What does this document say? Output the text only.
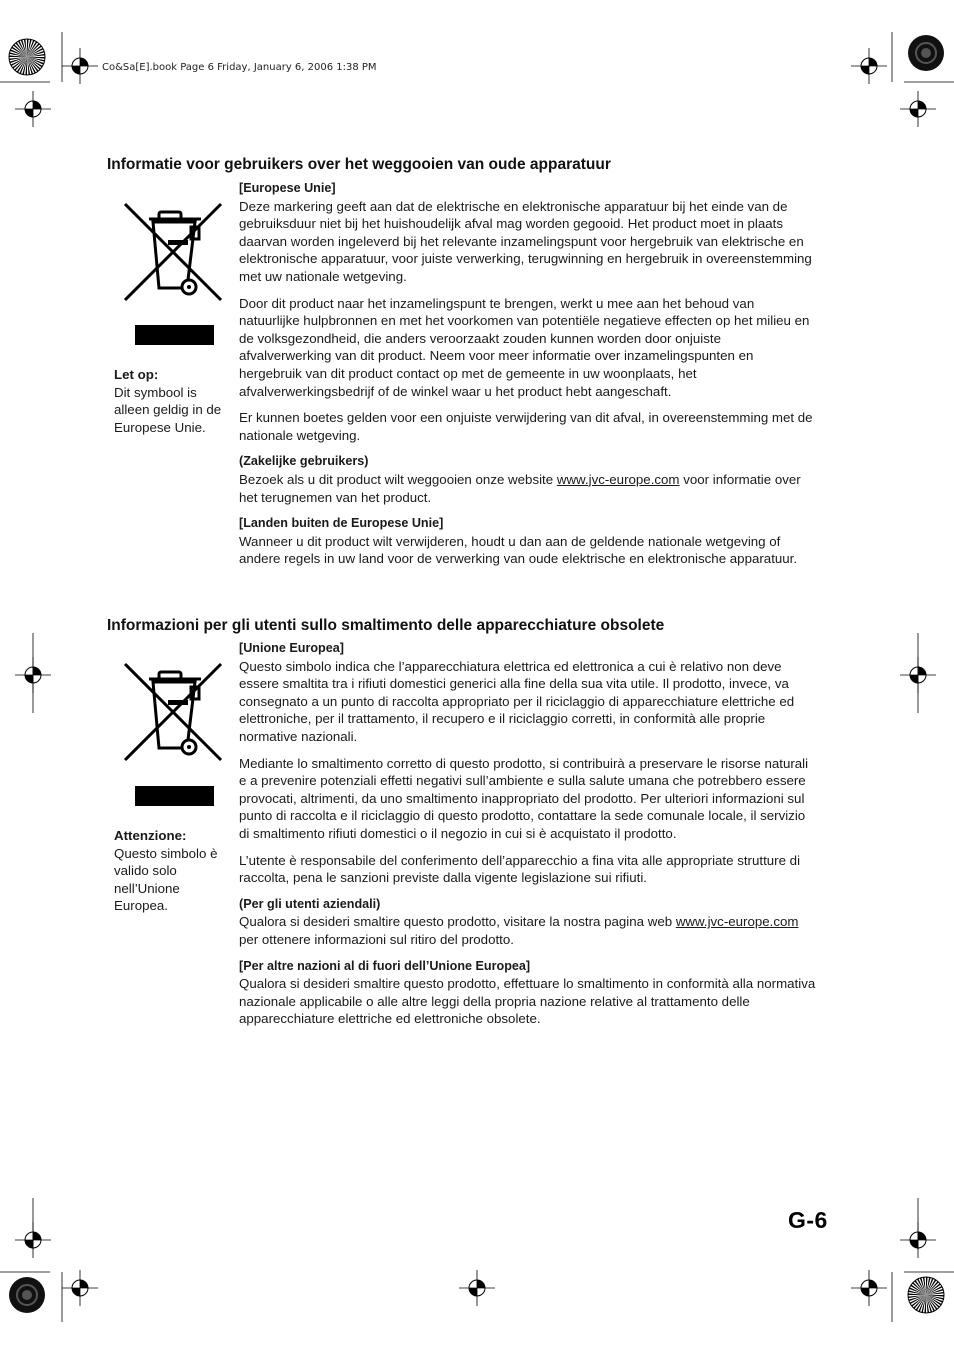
Co&Sa[E].book Page 6 Friday, January 6, 2006 1:38 PM
Informatie voor gebruikers over het weggooien van oude apparatuur
Let op:
Dit symbool is alleen geldig in de Europese Unie.
[Europese Unie]
Deze markering geeft aan dat de elektrische en elektronische apparatuur bij het einde van de gebruiksduur niet bij het huishoudelijk afval mag worden gegooid. Het product moet in plaats daarvan worden ingeleverd bij het relevante inzamelingspunt voor hergebruik van elektrische en elektronische apparatuur, voor juiste verwerking, terugwinning en hergebruik in overeenstemming met uw nationale wetgeving.
Door dit product naar het inzamelingspunt te brengen, werkt u mee aan het behoud van natuurlijke hulpbronnen en met het voorkomen van potentiële negatieve effecten op het milieu en de volksgezondheid, die anders veroorzaakt zouden kunnen worden door onjuiste afvalverwerking van dit product. Neem voor meer informatie over inzamelingspunten en hergebruik van dit product contact op met de gemeente in uw woonplaats, het afvalverwerkingsbedrijf of de winkel waar u het product hebt aangeschaft.
Er kunnen boetes gelden voor een onjuiste verwijdering van dit afval, in overeenstemming met de nationale wetgeving.
(Zakelijke gebruikers)
Bezoek als u dit product wilt weggooien onze website www.jvc-europe.com voor informatie over het terugnemen van het product.
[Landen buiten de Europese Unie]
Wanneer u dit product wilt verwijderen, houdt u dan aan de geldende nationale wetgeving of andere regels in uw land voor de verwerking van oude elektrische en elektronische apparatuur.
Informazioni per gli utenti sullo smaltimento delle apparecchiature obsolete
Attenzione:
Questo simbolo è valido solo nell’Unione Europea.
[Unione Europea]
Questo simbolo indica che l’apparecchiatura elettrica ed elettronica a cui è relativo non deve essere smaltita tra i rifiuti domestici generici alla fine della sua vita utile. Il prodotto, invece, va consegnato a un punto di raccolta appropriato per il riciclaggio di apparecchiature elettriche ed elettroniche, per il trattamento, il recupero e il riciclaggio corretti, in conformità alle proprie normative nazionali.
Mediante lo smaltimento corretto di questo prodotto, si contribuirà a preservare le risorse naturali e a prevenire potenziali effetti negativi sull’ambiente e sulla salute umana che potrebbero essere provocati, altrimenti, da uno smaltimento inappropriato del prodotto. Per ulteriori informazioni sul punto di raccolta e il riciclaggio di questo prodotto, contattare la sede comunale locale, il servizio di smaltimento rifiuti domestici o il negozio in cui si è acquistato il prodotto.
L’utente è responsabile del conferimento dell’apparecchio a fina vita alle appropriate strutture di raccolta, pena le sanzioni previste dalla vigente legislazione sui rifiuti.
(Per gli utenti aziendali)
Qualora si desideri smaltire questo prodotto, visitare la nostra pagina web www.jvc-europe.com per ottenere informazioni sul ritiro del prodotto.
[Per altre nazioni al di fuori dell’Unione Europea]
Qualora si desideri smaltire questo prodotto, effettuare lo smaltimento in conformità alla normativa nazionale applicabile o alle altre leggi della propria nazione relative al trattamento delle apparecchiature elettriche ed elettroniche obsolete.
G-6
